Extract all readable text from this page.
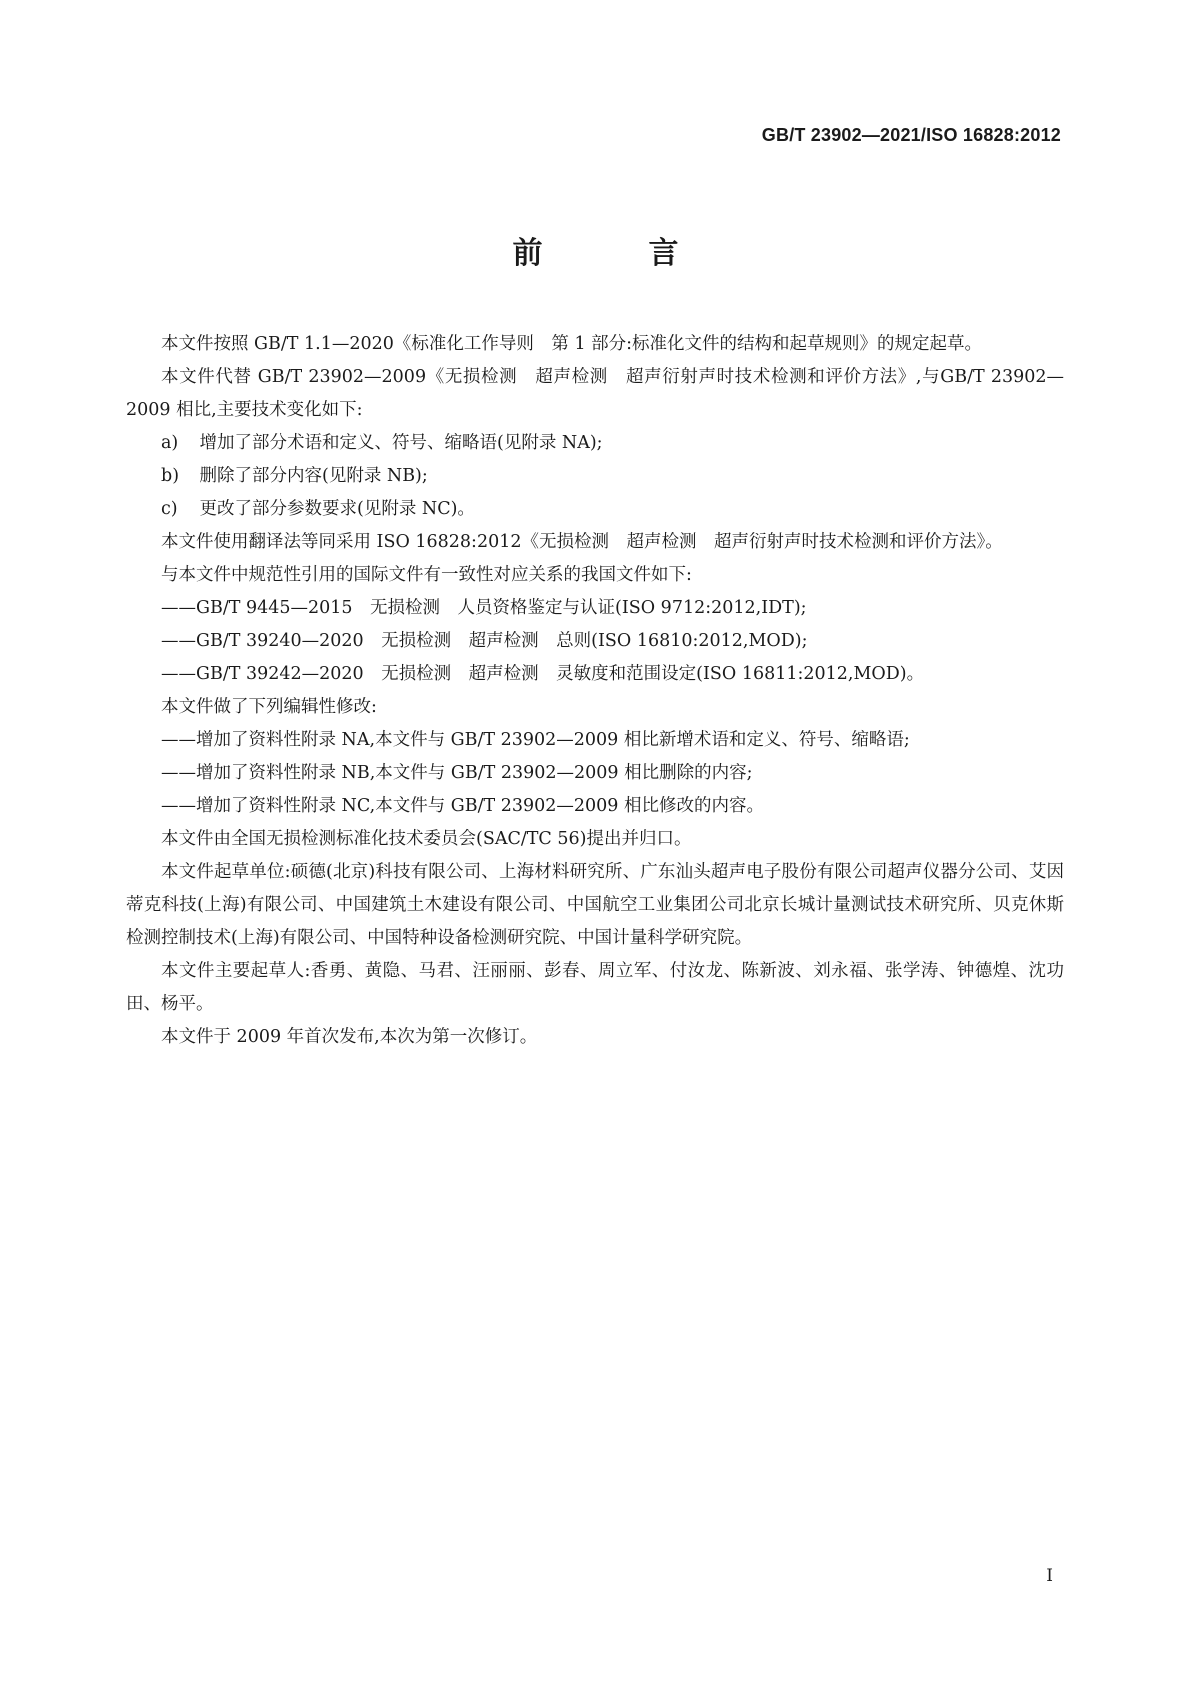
GB/T 23902—2021/ISO 16828:2012
前　言

本文件按照 GB/T 1.1—2020《标准化工作导则　第 1 部分:标准化文件的结构和起草规则》的规定起草。

本文件代替 GB/T 23902—2009《无损检测　超声检测　超声衍射声时技术检测和评价方法》,与GB/T 23902—2009 相比,主要技术变化如下:

a) 增加了部分术语和定义、符号、缩略语(见附录 NA);

b) 删除了部分内容(见附录 NB);

c) 更改了部分参数要求(见附录 NC)。

本文件使用翻译法等同采用 ISO 16828:2012《无损检测　超声检测　超声衍射声时技术检测和评价方法》。

与本文件中规范性引用的国际文件有一致性对应关系的我国文件如下:

——GB/T 9445—2015　无损检测　人员资格鉴定与认证(ISO 9712:2012,IDT);

——GB/T 39240—2020　无损检测　超声检测　总则(ISO 16810:2012,MOD);

——GB/T 39242—2020　无损检测　超声检测　灵敏度和范围设定(ISO 16811:2012,MOD)。

本文件做了下列编辑性修改:

——增加了资料性附录 NA,本文件与 GB/T 23902—2009 相比新增术语和定义、符号、缩略语;

——增加了资料性附录 NB,本文件与 GB/T 23902—2009 相比删除的内容;

——增加了资料性附录 NC,本文件与 GB/T 23902—2009 相比修改的内容。

本文件由全国无损检测标准化技术委员会(SAC/TC 56)提出并归口。

本文件起草单位:硕德(北京)科技有限公司、上海材料研究所、广东汕头超声电子股份有限公司超声仪器分公司、艾因蒂克科技(上海)有限公司、中国建筑土木建设有限公司、中国航空工业集团公司北京长城计量测试技术研究所、贝克休斯检测控制技术(上海)有限公司、中国特种设备检测研究院、中国计量科学研究院。

本文件主要起草人:香勇、黄隐、马君、汪丽丽、彭春、周立军、付汝龙、陈新波、刘永福、张学涛、钟德煌、沈功田、杨平。

本文件于 2009 年首次发布,本次为第一次修订。

I
